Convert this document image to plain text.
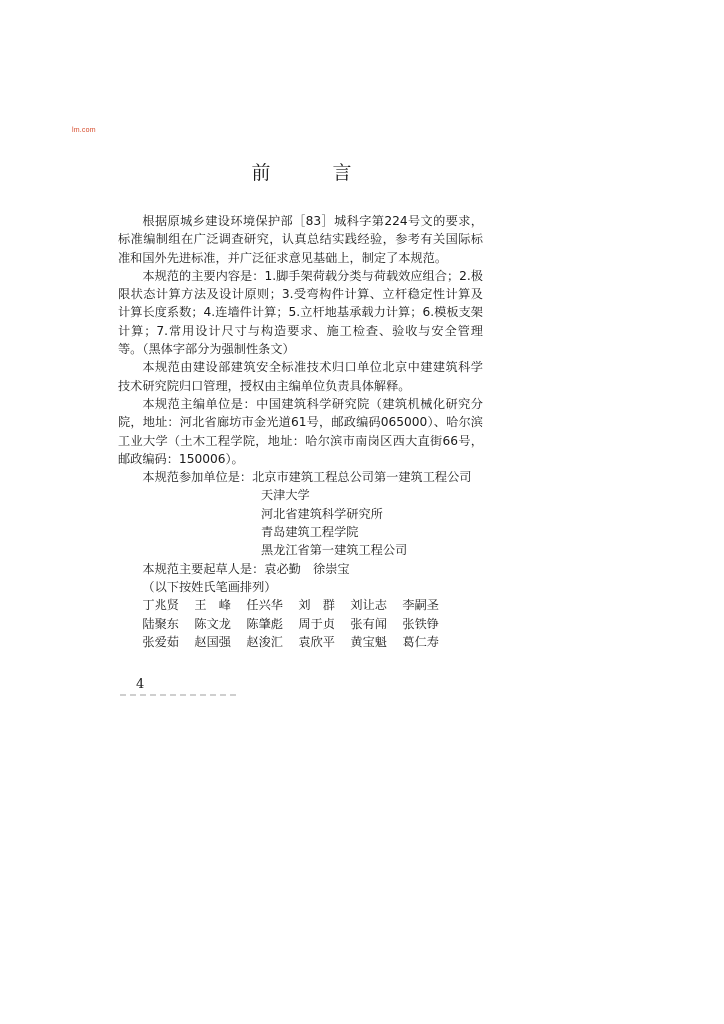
lm.com
前 言

根据原城乡建设环境保护部［83］城科字第224号文的要求，标准编制组在广泛调查研究，认真总结实践经验，参考有关国际标准和国外先进标准，并广泛征求意见基础上，制定了本规范。

本规范的主要内容是：1.脚手架荷载分类与荷载效应组合；2.极限状态计算方法及设计原则；3.受弯构件计算、立杆稳定性计算及计算长度系数；4.连墙件计算；5.立杆地基承载力计算；6.模板支架计算；7.常用设计尺寸与构造要求、施工检查、验收与安全管理等。（黑体字部分为强制性条文）

本规范由建设部建筑安全标准技术归口单位北京中建建筑科学技术研究院归口管理，授权由主编单位负责具体解释。

本规范主编单位是：中国建筑科学研究院（建筑机械化研究分院，地址：河北省廊坊市金光道61号，邮政编码065000）、哈尔滨工业大学（土木工程学院，地址：哈尔滨市南岗区西大直街66号，邮政编码：150006）。

本规范参加单位是： 北京市建筑工程总公司第一建筑工程公司
天津大学
河北省建筑科学研究所
青岛建筑工程学院
黑龙江省第一建筑工程公司
本规范主要起草人是：袁必勤　徐崇宝
（以下按姓氏笔画排列）
丁兆贤	王　峰	任兴华	刘　群	刘让志	李嗣圣
陆聚东	陈文龙	陈肇彪	周于贞	张有闻	张铁铮
张爱茹	赵国强	赵浚汇	袁欣平	黄宝魁	葛仁寿
4
